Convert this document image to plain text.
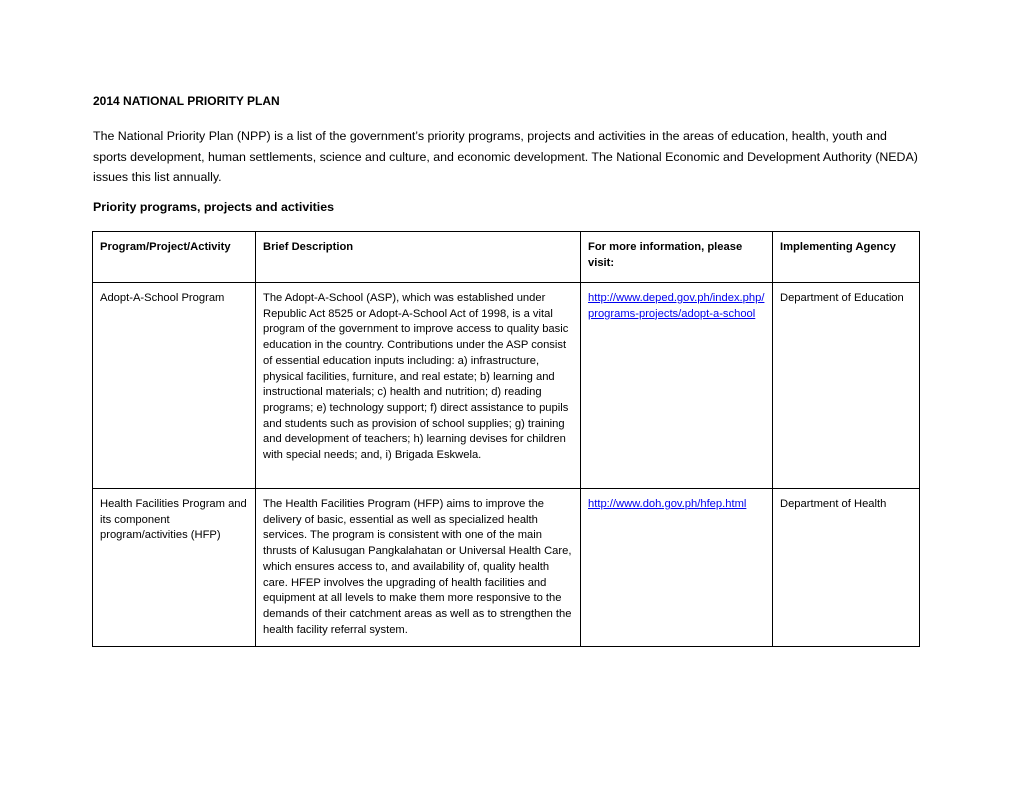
2014 NATIONAL PRIORITY PLAN

The National Priority Plan (NPP) is a list of the government’s priority programs, projects and activities in the areas of education, health, youth and sports development, human settlements, science and culture, and economic development. The National Economic and Development Authority (NEDA) issues this list annually.

Priority programs, projects and activities
Program/Project/Activity	Brief Description	For more information, please visit:	Implementing Agency
Adopt-A-School Program	The Adopt-A-School (ASP), which was established under Republic Act 8525 or Adopt-A-School Act of 1998, is a vital program of the government to improve access to quality basic education in the country. Contributions under the ASP consist of essential education inputs including: a) infrastructure, physical facilities, furniture, and real estate; b) learning and instructional materials; c) health and nutrition; d) reading programs; e) technology support; f) direct assistance to pupils and students such as provision of school supplies; g) training and development of teachers; h) learning devises for children with special needs; and, i) Brigada Eskwela.	http://www.deped.gov.ph/index.php/programs-projects/adopt-a-school	Department of Education
Health Facilities Program and its component program/activities (HFP)	The Health Facilities Program (HFP) aims to improve the delivery of basic, essential as well as specialized health services. The program is consistent with one of the main thrusts of Kalusugan Pangkalahatan or Universal Health Care, which ensures access to, and availability of, quality health care. HFEP involves the upgrading of health facilities and equipment at all levels to make them more responsive to the demands of their catchment areas as well as to strengthen the health facility referral system.	http://www.doh.gov.ph/hfep.html	Department of Health
